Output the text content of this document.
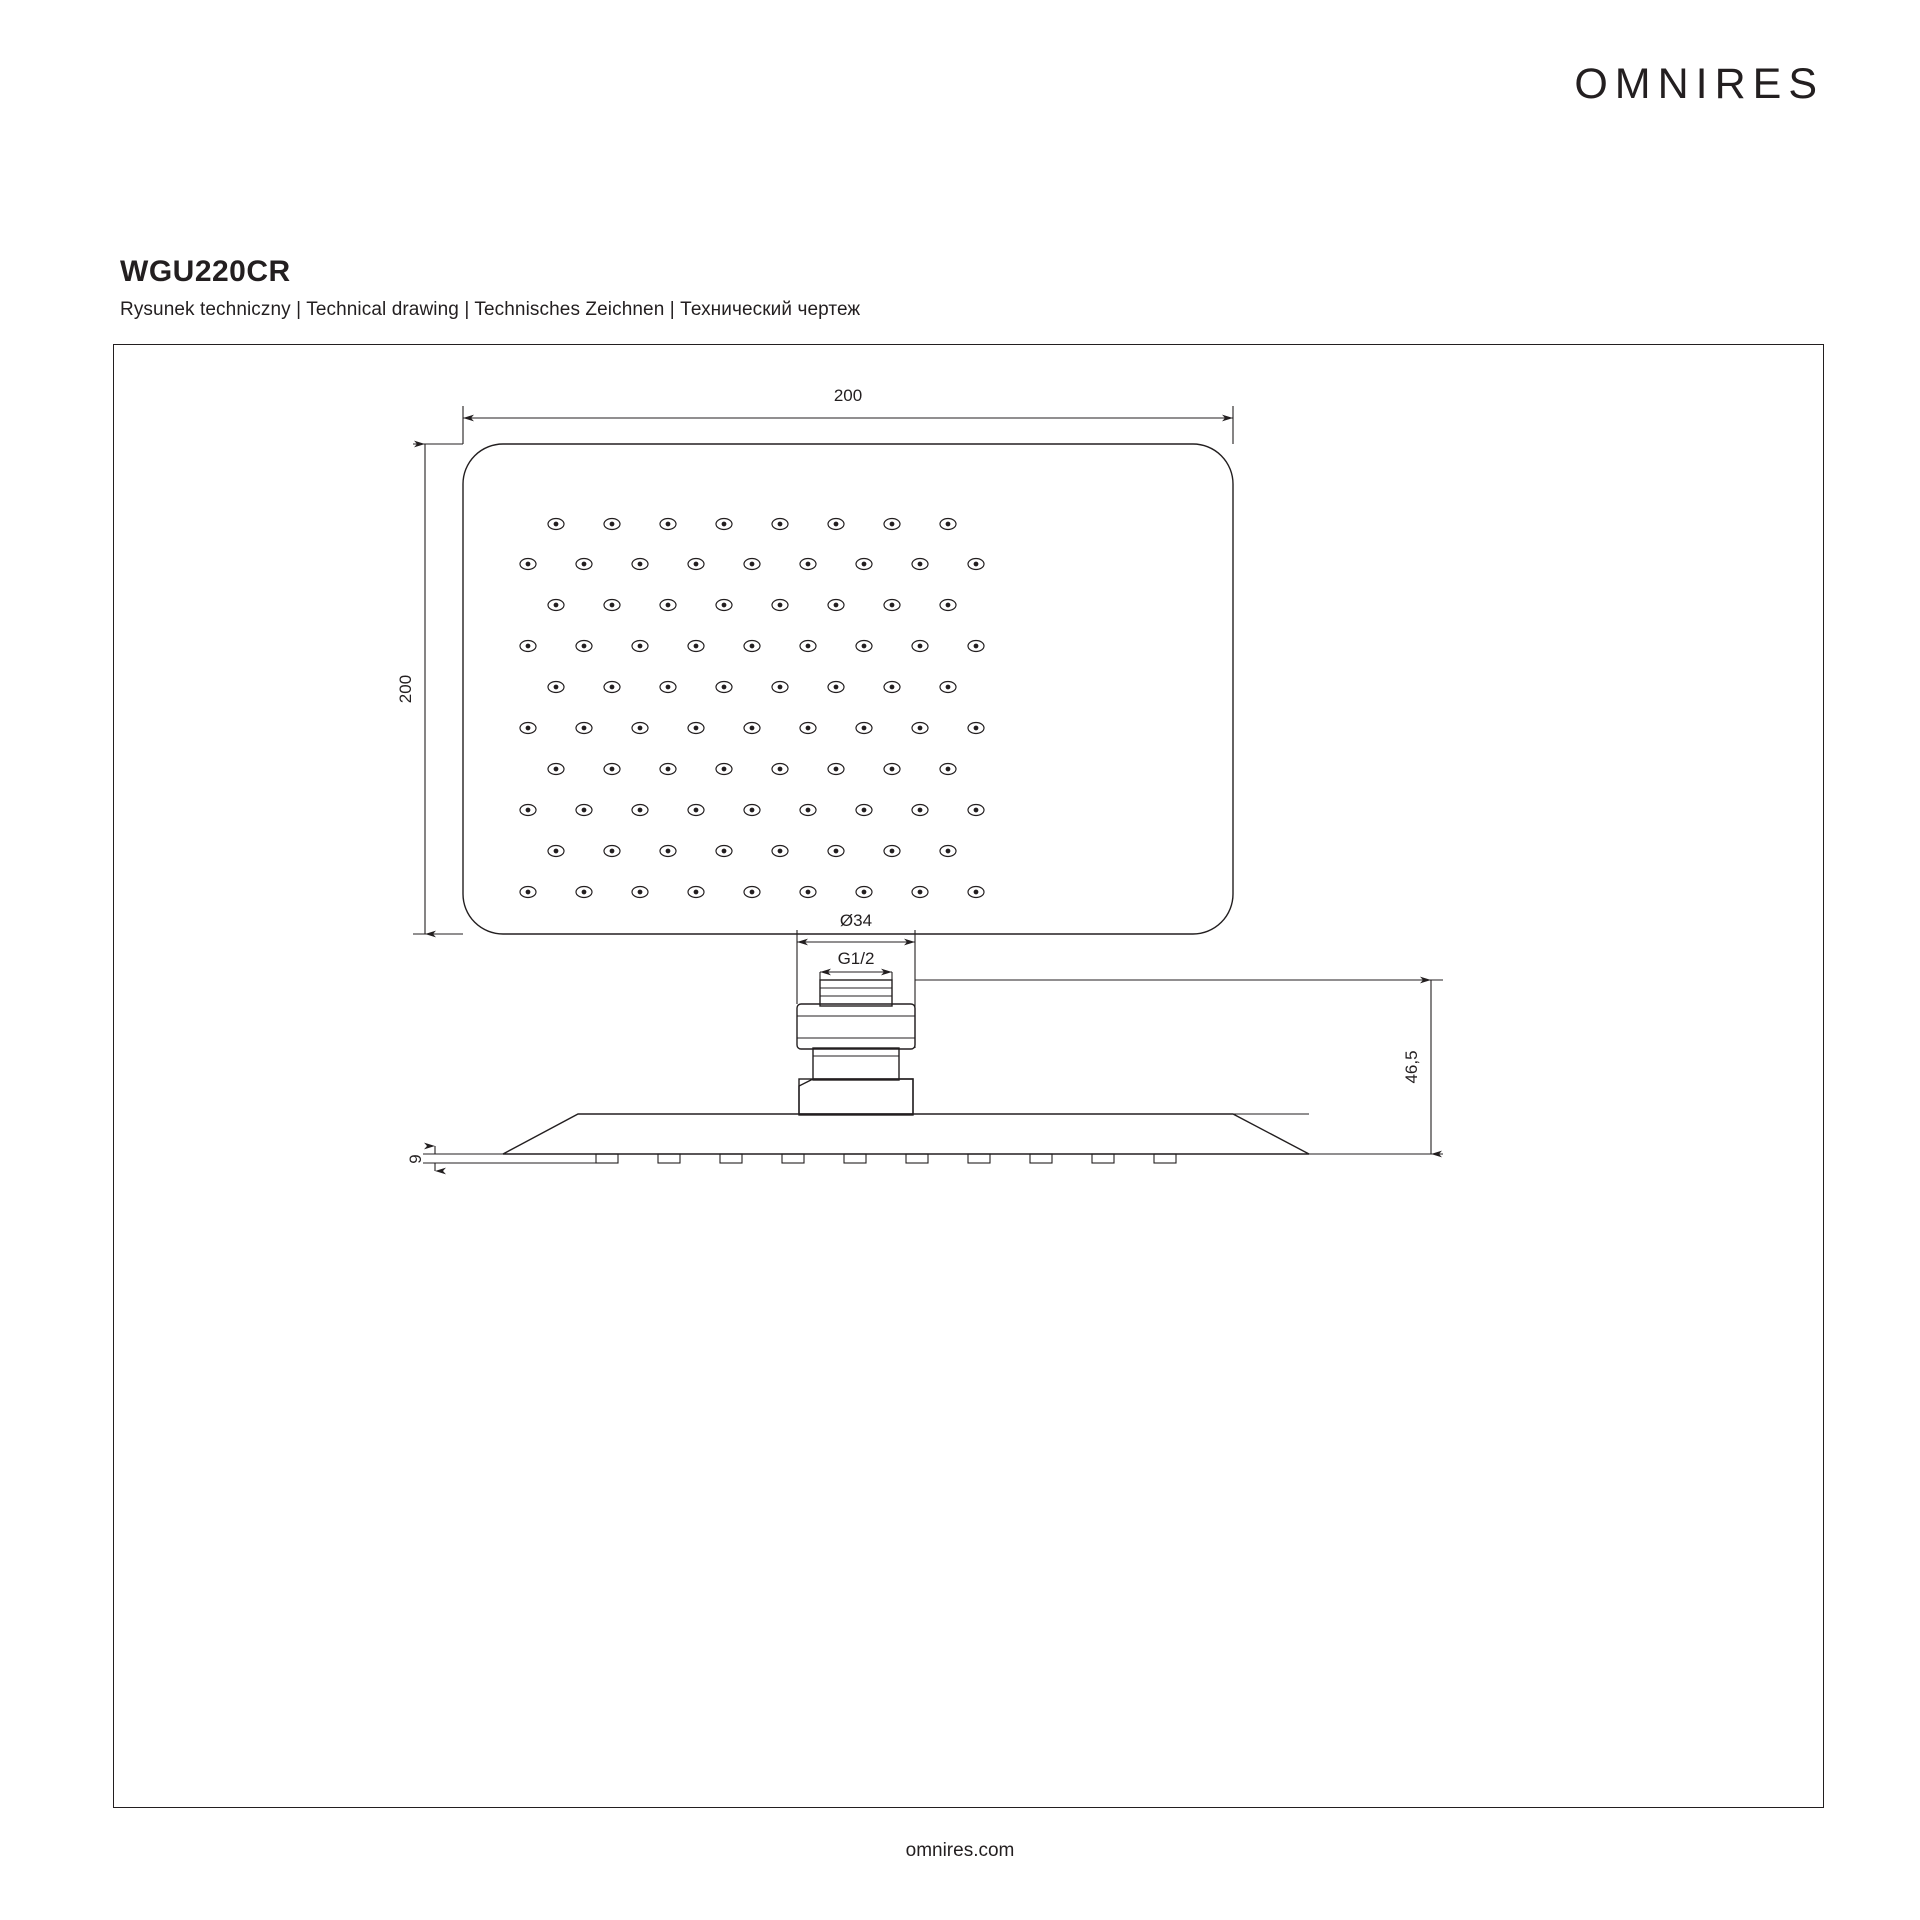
OMNIRES
WGU220CR
Rysunek techniczny | Technical drawing | Technisches Zeichnen | Технический чертеж
200
200
Ø34
G1/2
46,5
9
omnires.com
